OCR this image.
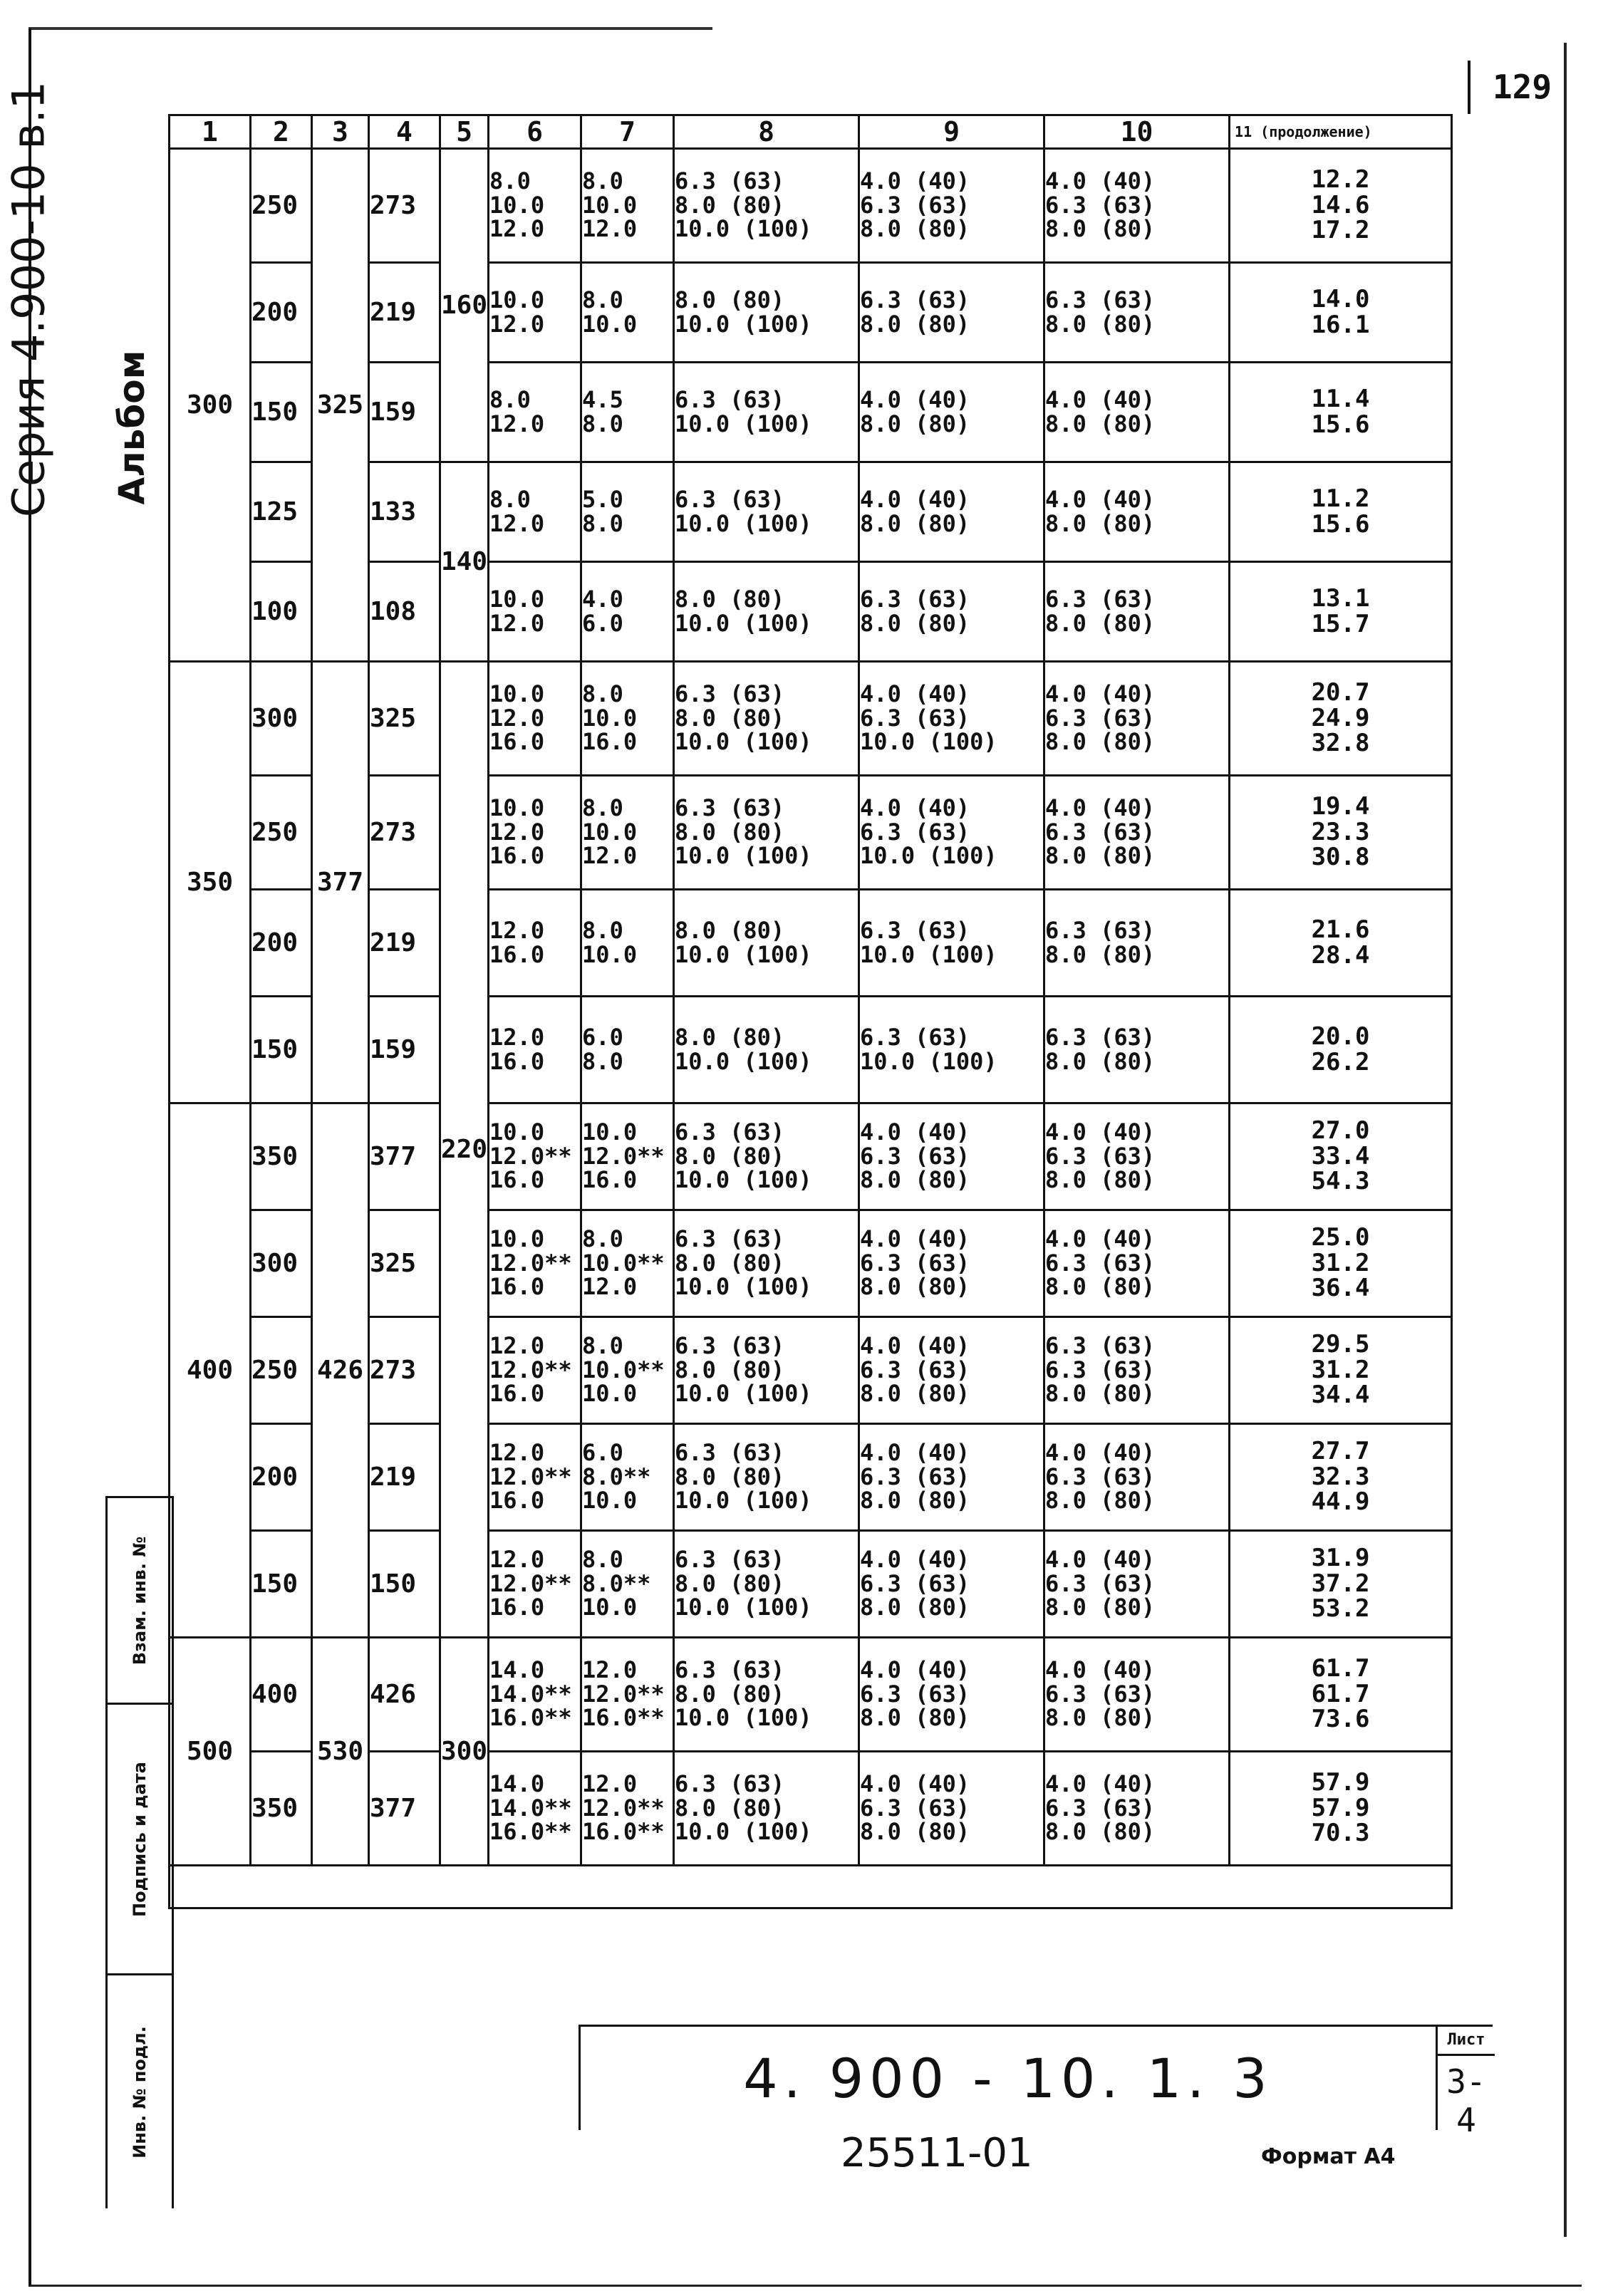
Серия 4.900-10 в.1 Альбом
129
1	2	3	4	5	6	7	8	9	10	11 (продолжение)
300	250	325	273	160	8.0
10.0
12.0	8.0
10.0
12.0	6.3 (63)
8.0 (80)
10.0 (100)	4.0 (40)
6.3 (63)
8.0 (80)	4.0 (40)
6.3 (63)
8.0 (80)	12.2
14.6
17.2

	200		219		10.0
12.0	8.0
10.0	8.0 (80)
10.0 (100)	6.3 (63)
8.0 (80)	6.3 (63)
8.0 (80)	14.0
16.1

	150		159		8.0
12.0	4.5
8.0	6.3 (63)
10.0 (100)	4.0 (40)
8.0 (80)	4.0 (40)
8.0 (80)	11.4
15.6

	125		133	140	8.0
12.0	5.0
8.0	6.3 (63)
10.0 (100)	4.0 (40)
8.0 (80)	4.0 (40)
8.0 (80)	11.2
15.6

	100		108		10.0
12.0	4.0
6.0	8.0 (80)
10.0 (100)	6.3 (63)
8.0 (80)	6.3 (63)
8.0 (80)	13.1
15.7

350	300	377	325	220	10.0
12.0
16.0	8.0
10.0
16.0	6.3 (63)
8.0 (80)
10.0 (100)	4.0 (40)
6.3 (63)
10.0 (100)	4.0 (40)
6.3 (63)
8.0 (80)	20.7
24.9
32.8

	250		273		10.0
12.0
16.0	8.0
10.0
12.0	6.3 (63)
8.0 (80)
10.0 (100)	4.0 (40)
6.3 (63)
10.0 (100)	4.0 (40)
6.3 (63)
8.0 (80)	19.4
23.3
30.8

	200		219		12.0
16.0	8.0
10.0	8.0 (80)
10.0 (100)	6.3 (63)
10.0 (100)	6.3 (63)
8.0 (80)	21.6
28.4

	150		159		12.0
16.0	6.0
8.0	8.0 (80)
10.0 (100)	6.3 (63)
10.0 (100)	6.3 (63)
8.0 (80)	20.0
26.2

400	350	426	377		10.0
12.0**
16.0	10.0
12.0**
16.0	6.3 (63)
8.0 (80)
10.0 (100)	4.0 (40)
6.3 (63)
8.0 (80)	4.0 (40)
6.3 (63)
8.0 (80)	27.0
33.4
54.3

	300		325		10.0
12.0**
16.0	8.0
10.0**
12.0	6.3 (63)
8.0 (80)
10.0 (100)	4.0 (40)
6.3 (63)
8.0 (80)	4.0 (40)
6.3 (63)
8.0 (80)	25.0
31.2
36.4

	250		273		12.0
12.0**
16.0	8.0
10.0**
10.0	6.3 (63)
8.0 (80)
10.0 (100)	4.0 (40)
6.3 (63)
8.0 (80)	6.3 (63)
6.3 (63)
8.0 (80)	29.5
31.2
34.4

	200		219		12.0
12.0**
16.0	6.0
8.0**
10.0	6.3 (63)
8.0 (80)
10.0 (100)	4.0 (40)
6.3 (63)
8.0 (80)	4.0 (40)
6.3 (63)
8.0 (80)	27.7
32.3
44.9

	150		150		12.0
12.0**
16.0	8.0
8.0**
10.0	6.3 (63)
8.0 (80)
10.0 (100)	4.0 (40)
6.3 (63)
8.0 (80)	4.0 (40)
6.3 (63)
8.0 (80)	31.9
37.2
53.2

500	400	530	426	300	14.0
14.0**
16.0**	12.0
12.0**
16.0**	6.3 (63)
8.0 (80)
10.0 (100)	4.0 (40)
6.3 (63)
8.0 (80)	4.0 (40)
6.3 (63)
8.0 (80)	61.7
61.7
73.6

	350		377		14.0
14.0**
16.0**	12.0
12.0**
16.0**	6.3 (63)
8.0 (80)
10.0 (100)	4.0 (40)
6.3 (63)
8.0 (80)	4.0 (40)
6.3 (63)
8.0 (80)	57.9
57.9
70.3

Взам. инв. №
Подпись и дата
Инв. № подл.	4. 900 - 10. 1. 3
Лист
3-4
25511-01	Формат А4
